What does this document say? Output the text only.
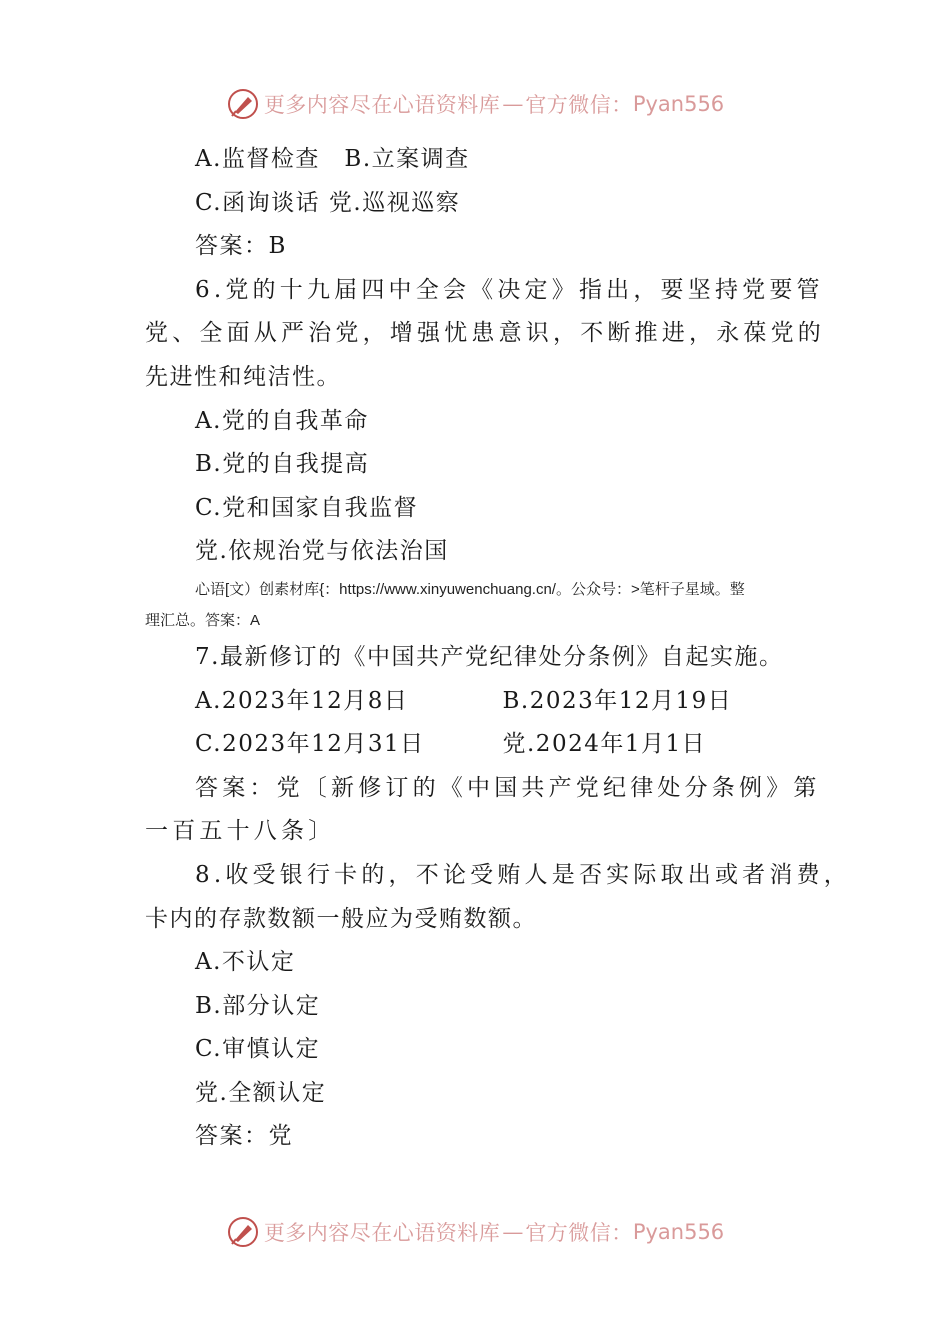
更多内容尽在心语资料库 — 官方微信： Pyan556
A.监督检查　B.立案调查
C.函询谈话 党.巡视巡察
答案：B
6.党的十九届四中全会《决定》指出，要坚持党要管
党、全面从严治党，增强忧患意识，不断推进，永葆党的
先进性和纯洁性。
A.党的自我革命
B.党的自我提高
C.党和国家自我监督
党.依规治党与依法治国
心语[文）创素材库{：https://www.xinyuwenchuang.cn/。公众号：>笔杆子星域。整
理汇总。答案：A
7.最新修订的《中国共产党纪律处分条例》自起实施。
A.2023年12月8日	B.2023年12月19日
C.2023年12月31日	党.2024年1月1日
答案：党〔新修订的《中国共产党纪律处分条例》第
一百五十八条〕
8.收受银行卡的，不论受贿人是否实际取出或者消费，
卡内的存款数额一般应为受贿数额。
A.不认定
B.部分认定
C.审慎认定
党.全额认定
答案：党
更多内容尽在心语资料库 — 官方微信： Pyan556
